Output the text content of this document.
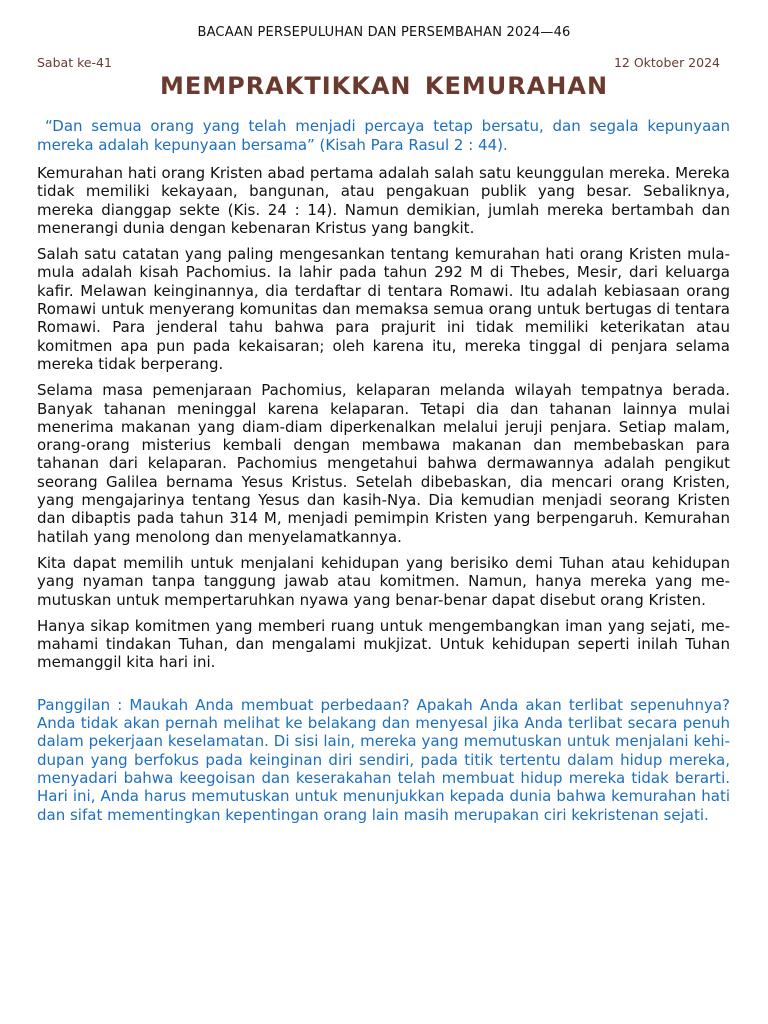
BACAAN PERSEPULUHAN DAN PERSEMBAHAN 2024—46
Sabat ke-41	12 Oktober 2024
MEMPRAKTIKKAN KEMURAHAN

“Dan semua orang yang telah menjadi percaya tetap bersatu, dan segala kepunyaan mereka adalah kepunyaan bersama” (Kisah Para Rasul 2 : 44).

Kemurahan hati orang Kristen abad pertama adalah salah satu keunggulan mereka. Mereka tidak memiliki kekayaan, bangunan, atau pengakuan publik yang besar. Sebaliknya, mereka dianggap sekte (Kis. 24 : 14). Namun demikian, jumlah mereka bertambah dan menerangi dunia dengan kebenaran Kristus yang bangkit.

Salah satu catatan yang paling mengesankan tentang kemurahan hati orang Kristen mula-mula adalah kisah Pachomius. Ia lahir pada tahun 292 M di Thebes, Mesir, dari keluarga kafir. Melawan keinginannya, dia terdaftar di tentara Romawi. Itu adalah kebiasaan orang Romawi untuk menyerang komunitas dan memaksa semua orang untuk bertugas di tentara Romawi. Para jenderal tahu bahwa para prajurit ini tidak memiliki keterikatan atau komitmen apa pun pada kekaisaran; oleh karena itu, mereka tinggal di penjara selama mereka tidak berperang.

Selama masa pemenjaraan Pachomius, kelaparan melanda wilayah tempatnya berada. Banyak tahanan meninggal karena kelaparan. Tetapi dia dan tahanan lainnya mulai menerima makanan yang diam-diam diperkenalkan melalui jeruji penjara. Setiap malam, orang-orang misterius kembali dengan membawa makanan dan membebaskan para tahanan dari kelaparan. Pachomius mengetahui bahwa dermawannya adalah pengikut seorang Galilea bernama Yesus Kristus. Setelah dibebaskan, dia mencari orang Kristen, yang mengajarinya tentang Yesus dan kasih-Nya. Dia kemudian menjadi seorang Kristen dan dibaptis pada tahun 314 M, menjadi pemimpin Kristen yang berpengaruh. Kemurahan hatilah yang menolong dan menyelamatkannya.

Kita dapat memilih untuk menjalani kehidupan yang berisiko demi Tuhan atau kehidupan yang nyaman tanpa tanggung jawab atau komitmen. Namun, hanya mereka yang me- mutuskan untuk mempertaruhkan nyawa yang benar-benar dapat disebut orang Kristen.

Hanya sikap komitmen yang memberi ruang untuk mengembangkan iman yang sejati, me- mahami tindakan Tuhan, dan mengalami mukjizat. Untuk kehidupan seperti inilah Tuhan memanggil kita hari ini.

Panggilan : Maukah Anda membuat perbedaan? Apakah Anda akan terlibat sepenuhnya? Anda tidak akan pernah melihat ke belakang dan menyesal jika Anda terlibat secara penuh dalam pekerjaan keselamatan. Di sisi lain, mereka yang memutuskan untuk menjalani kehi- dupan yang berfokus pada keinginan diri sendiri, pada titik tertentu dalam hidup mereka, menyadari bahwa keegoisan dan keserakahan telah membuat hidup mereka tidak berarti. Hari ini, Anda harus memutuskan untuk menunjukkan kepada dunia bahwa kemurahan hati dan sifat mementingkan kepentingan orang lain masih merupakan ciri kekristenan sejati.
